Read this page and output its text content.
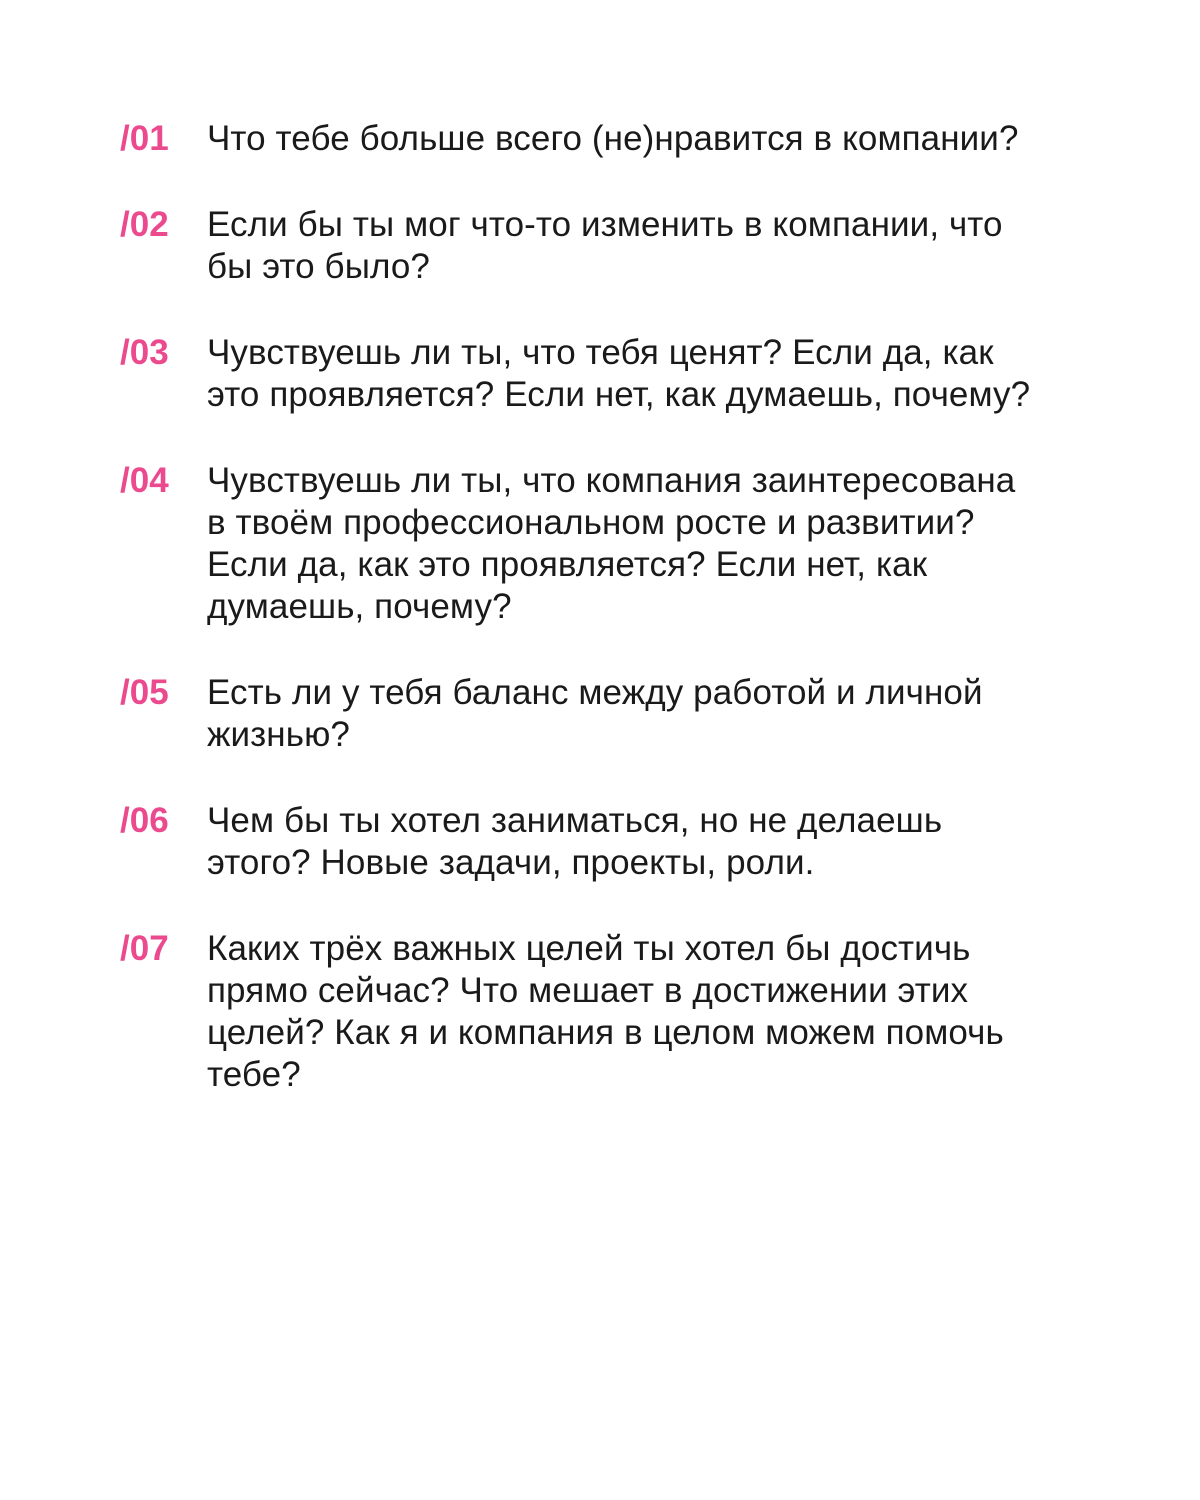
/01	Что тебе больше всего (не)нравится в компании?
/02	Если бы ты мог что-то изменить в компании, что
бы это было?
/03	Чувствуешь ли ты, что тебя ценят? Если да, как
это проявляется? Если нет, как думаешь, почему?
/04	Чувствуешь ли ты, что компания заинтересована
в твоём профессиональном росте и развитии?
Если да, как это проявляется? Если нет, как
думаешь, почему?
/05	Есть ли у тебя баланс между работой и личной
жизнью?
/06	Чем бы ты хотел заниматься, но не делаешь
этого? Новые задачи, проекты, роли.
/07	Каких трёх важных целей ты хотел бы достичь
прямо сейчас? Что мешает в достижении этих
целей? Как я и компания в целом можем помочь
тебе?
